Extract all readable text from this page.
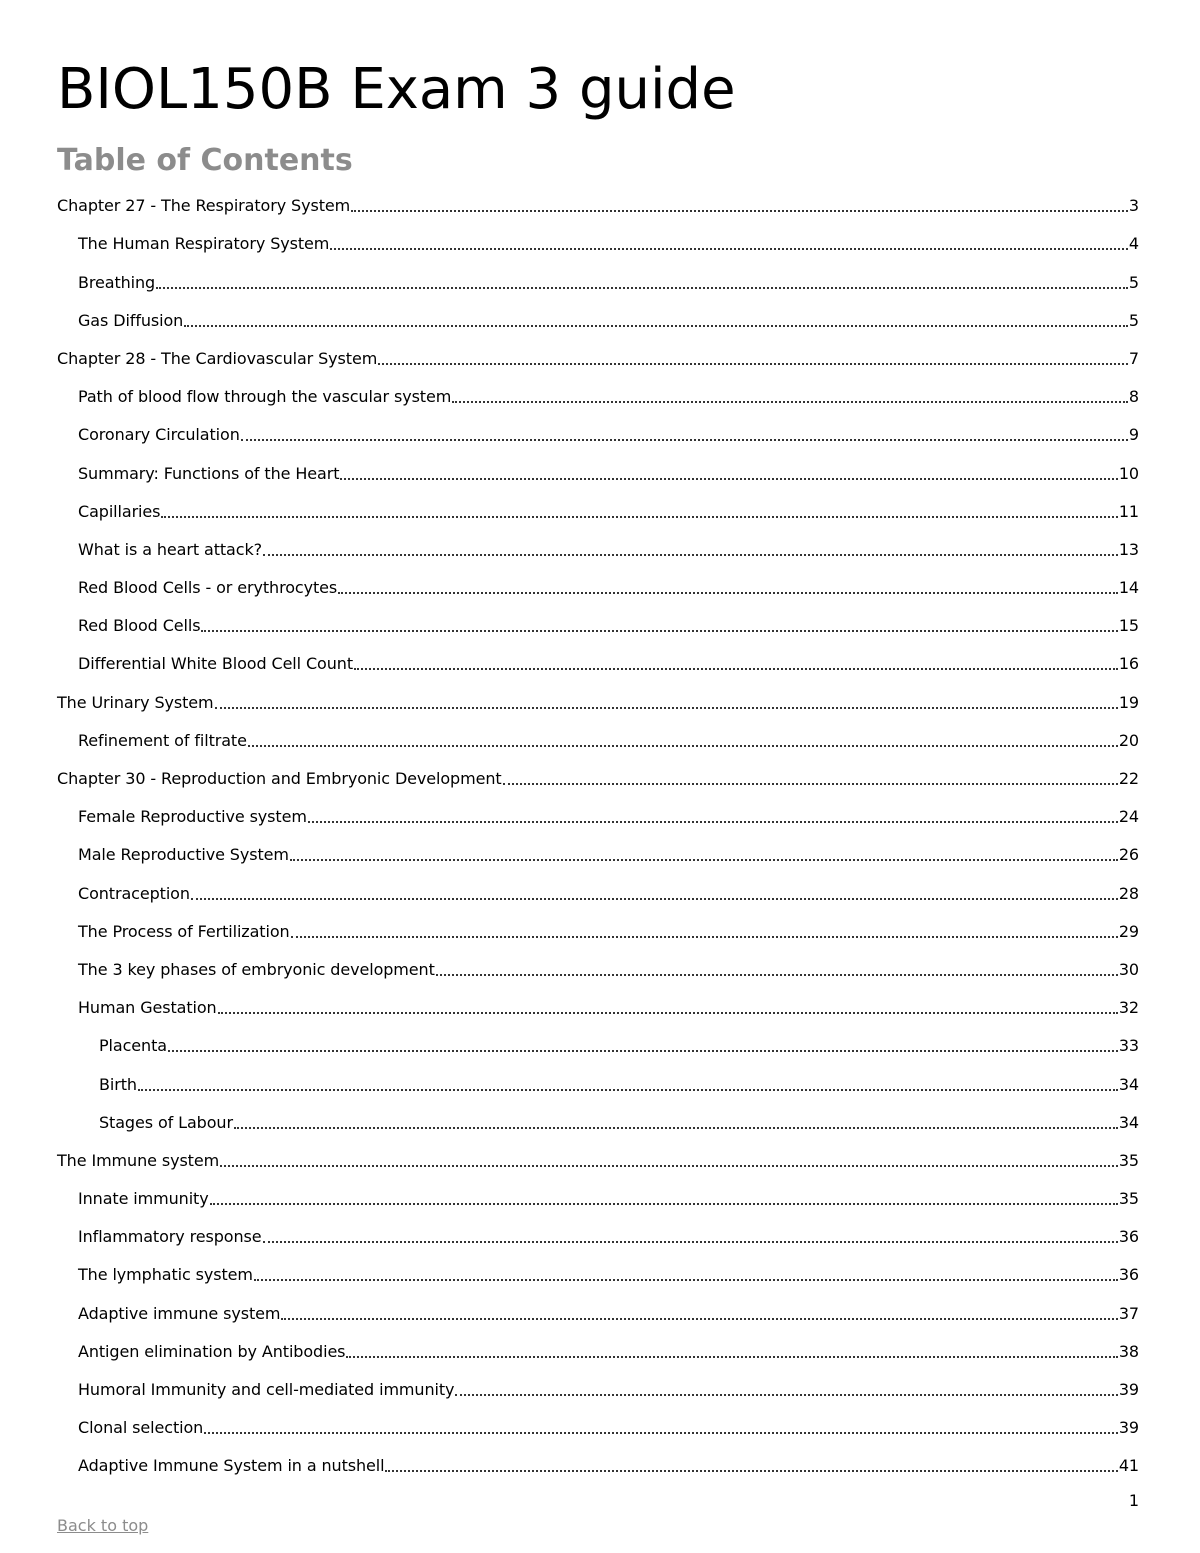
BIOL150B Exam 3 guide
Table of Contents
Chapter 27 - The Respiratory System	3
The Human Respiratory System	4
Breathing	5
Gas Diffusion	5
Chapter 28 - The Cardiovascular System	7
Path of blood flow through the vascular system	8
Coronary Circulation	9
Summary: Functions of the Heart	10
Capillaries	11
What is a heart attack?	13
Red Blood Cells - or erythrocytes	14
Red Blood Cells	15
Differential White Blood Cell Count	16
The Urinary System	19
Refinement of filtrate	20
Chapter 30 - Reproduction and Embryonic Development	22
Female Reproductive system	24
Male Reproductive System	26
Contraception	28
The Process of Fertilization	29
The 3 key phases of embryonic development	30
Human Gestation	32
Placenta	33
Birth	34
Stages of Labour	34
The Immune system	35
Innate immunity	35
Inflammatory response	36
The lymphatic system	36
Adaptive immune system	37
Antigen elimination by Antibodies	38
Humoral Immunity and cell-mediated immunity	39
Clonal selection	39
Adaptive Immune System in a nutshell	41
1
Back to top
